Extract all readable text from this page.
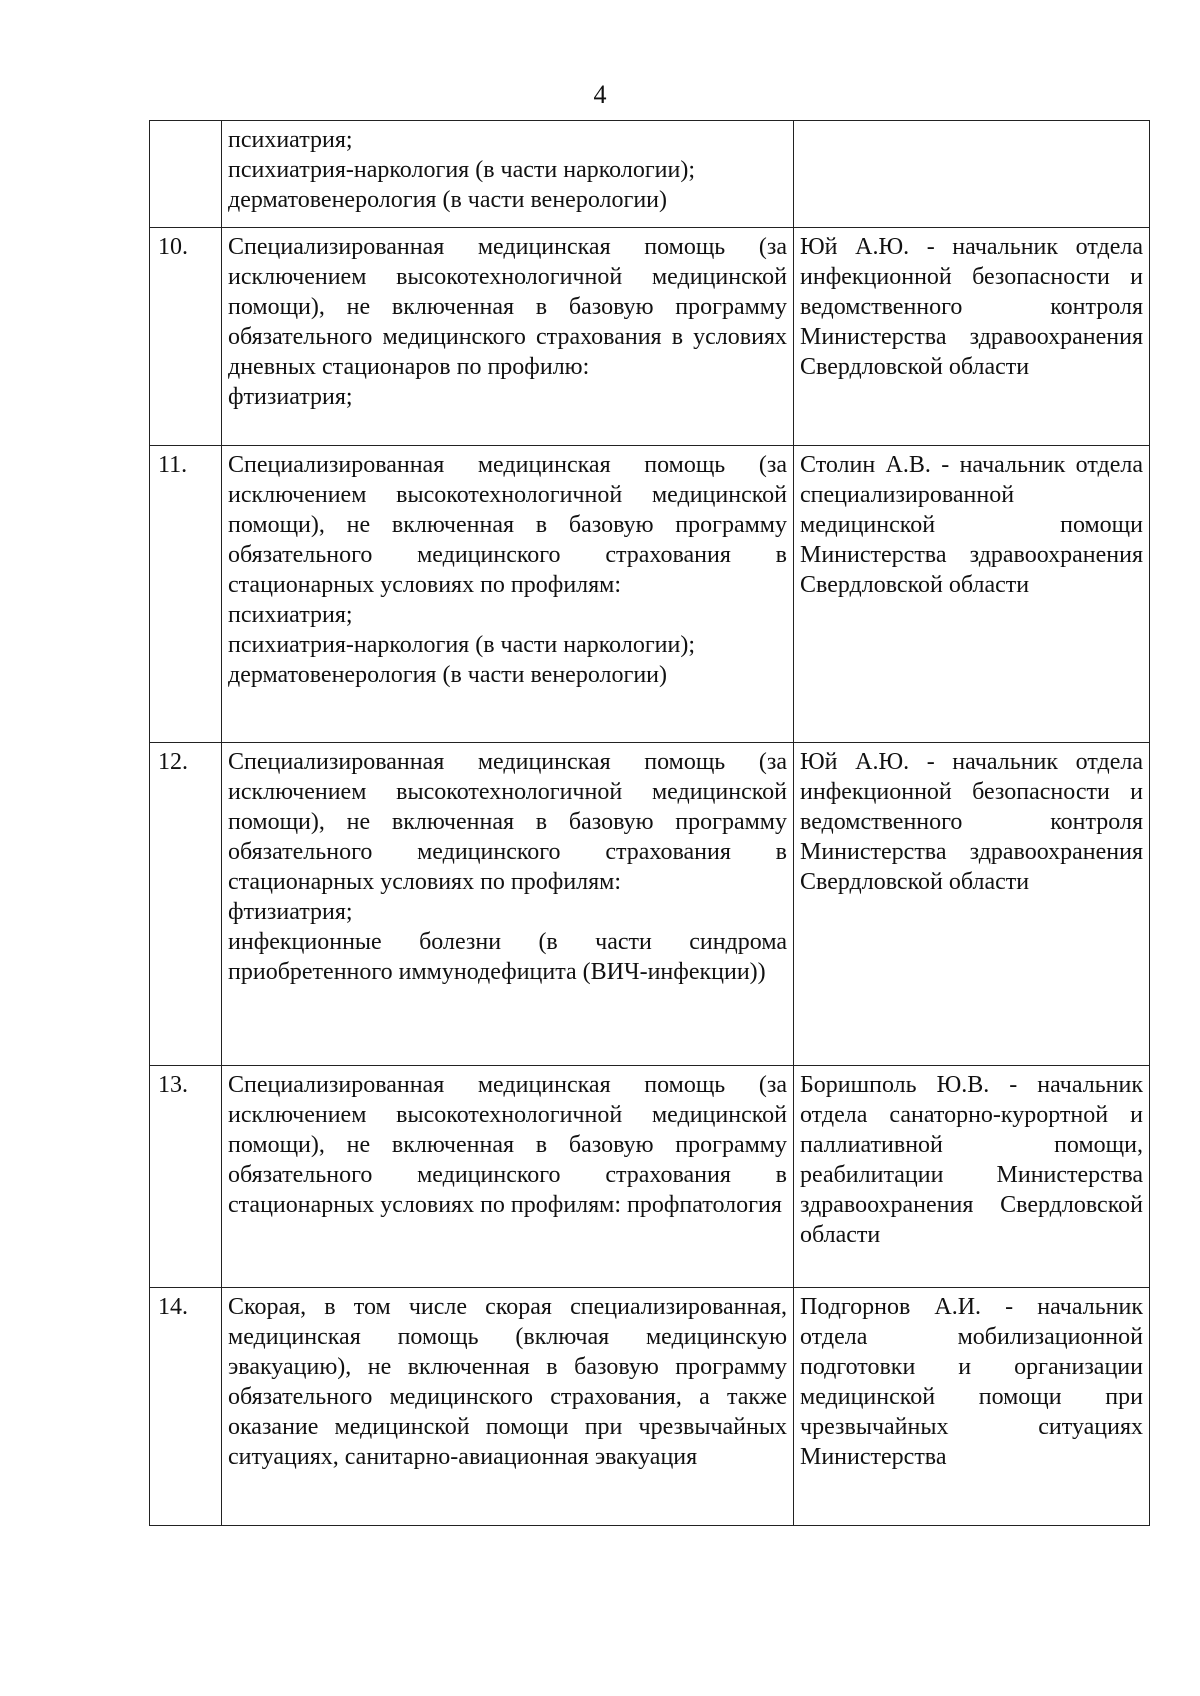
4

	психиатрия;
психиатрия-наркология (в части наркологии);
дерматовенерология (в части венерологии)	

10.	Специализированная медицинская помощь (за исключением высокотехнологичной медицинской помощи), не включенная в базовую программу обязательного медицинского страхования в условиях дневных стационаров по профилю:
фтизиатрия;	Юй А.Ю. - начальник отдела инфекционной безопасности и ведомственного контроля Министерства здравоохранения Свердловской области
11.	Специализированная медицинская помощь (за исключением высокотехнологичной медицинской помощи), не включенная в базовую программу обязательного медицинского страхования в стационарных условиях по профилям:
психиатрия;
психиатрия-наркология (в части наркологии);
дерматовенерология (в части венерологии)	Столин А.В. - начальник отдела специализированной медицинской помощи Министерства здравоохранения Свердловской области
12.	Специализированная медицинская помощь (за исключением высокотехнологичной медицинской помощи), не включенная в базовую программу обязательного медицинского страхования в стационарных условиях по профилям:
фтизиатрия;
инфекционные болезни (в части синдрома приобретенного иммунодефицита (ВИЧ-инфекции))	Юй А.Ю. - начальник отдела инфекционной безопасности и ведомственного контроля Министерства здравоохранения Свердловской области
13.	Специализированная медицинская помощь (за исключением высокотехнологичной медицинской помощи), не включенная в базовую программу обязательного медицинского страхования в стационарных условиях по профилям: профпатология	Боришполь Ю.В. - начальник отдела санаторно-курортной и паллиативной помощи, реабилитации Министерства здравоохранения Свердловской области
14.	Скорая, в том числе скорая специализированная, медицинская помощь (включая медицинскую эвакуацию), не включенная в базовую программу обязательного медицинского страхования, а также оказание медицинской помощи при чрезвычайных ситуациях, санитарно-авиационная эвакуация	Подгорнов А.И. - начальник отдела мобилизационной подготовки и организации медицинской помощи при чрезвычайных ситуациях Министерства
